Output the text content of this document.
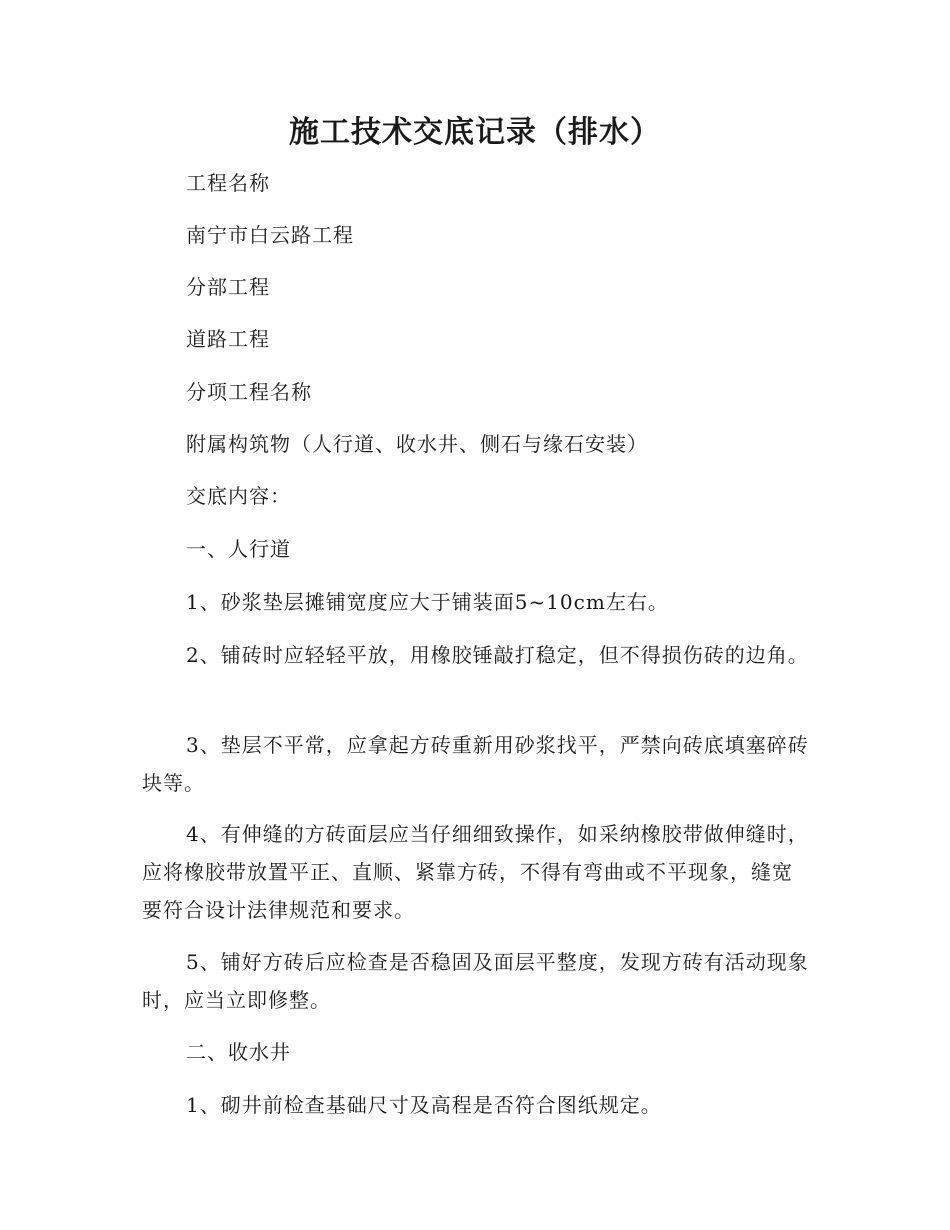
施工技术交底记录（排水）

工程名称

南宁市白云路工程

分部工程

道路工程

分项工程名称

附属构筑物（人行道、收水井、侧石与缘石安装）

交底内容：

一、人行道

1、砂浆垫层摊铺宽度应大于铺装面5~10cm左右。

2、铺砖时应轻轻平放，用橡胶锤敲打稳定，但不得损伤砖的边角。

3、垫层不平常，应拿起方砖重新用砂浆找平，严禁向砖底填塞碎砖块等。

4、有伸缝的方砖面层应当仔细细致操作，如采纳橡胶带做伸缝时，应将橡胶带放置平正、直顺、紧靠方砖，不得有弯曲或不平现象，缝宽要符合设计法律规范和要求。

5、铺好方砖后应检查是否稳固及面层平整度，发现方砖有活动现象时，应当立即修整。

二、收水井

1、砌井前检查基础尺寸及高程是否符合图纸规定。
